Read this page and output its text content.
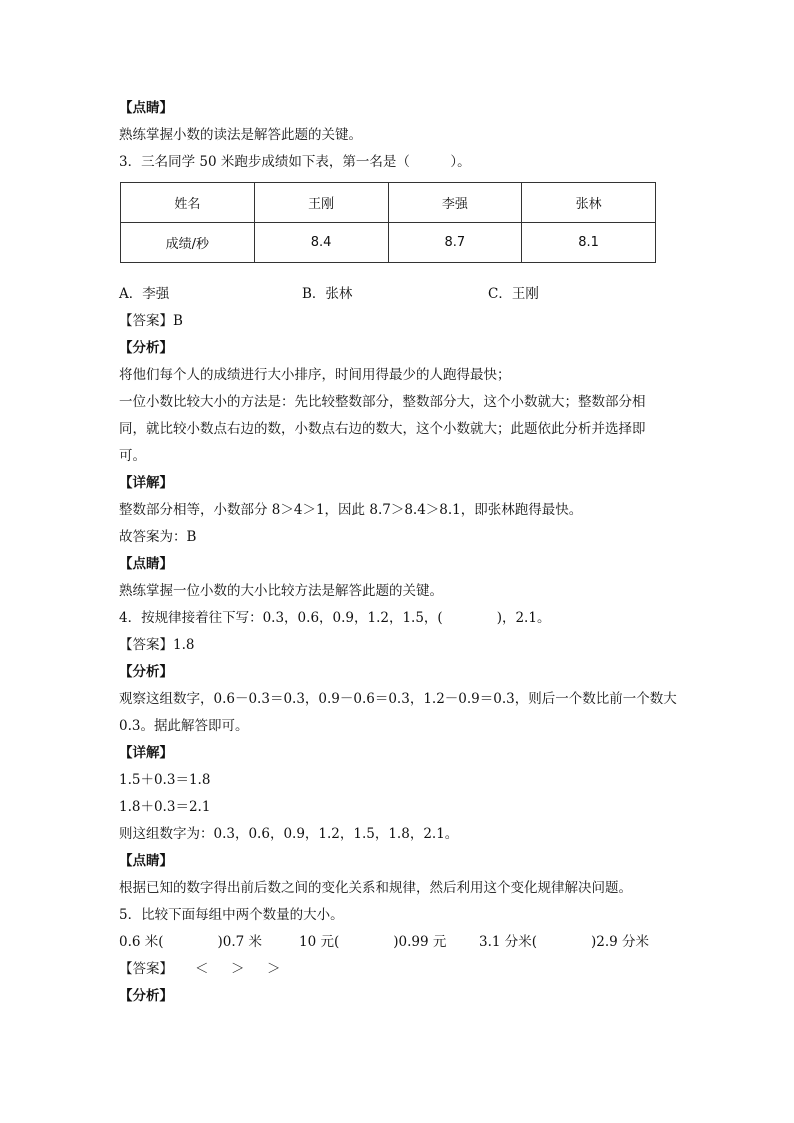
【点睛】
熟练掌握小数的读法是解答此题的关键。
3．三名同学 50 米跑步成绩如下表，第一名是（　　　）。
姓名	王刚	李强	张林
成绩/秒	8.4	8.7	8.1
A．李强	B．张林	C．王刚
【答案】B
【分析】
将他们每个人的成绩进行大小排序，时间用得最少的人跑得最快；
一位小数比较大小的方法是：先比较整数部分，整数部分大，这个小数就大；整数部分相
同，就比较小数点右边的数，小数点右边的数大，这个小数就大；此题依此分析并选择即
可。
【详解】
整数部分相等，小数部分 8＞4＞1，因此 8.7＞8.4＞8.1，即张林跑得最快。
故答案为：B
【点睛】
熟练掌握一位小数的大小比较方法是解答此题的关键。
4．按规律接着往下写：0.3，0.6，0.9，1.2，1.5，(　　　　)，2.1。
【答案】1.8
【分析】
观察这组数字，0.6－0.3＝0.3，0.9－0.6＝0.3，1.2－0.9＝0.3，则后一个数比前一个数大
0.3。据此解答即可。
【详解】
1.5＋0.3＝1.8
1.8＋0.3＝2.1
则这组数字为：0.3，0.6，0.9，1.2，1.5，1.8，2.1。
【点睛】
根据已知的数字得出前后数之间的变化关系和规律，然后利用这个变化规律解决问题。
5．比较下面每组中两个数量的大小。
0.6 米(　　　　)0.7 米	10 元(　　　　)0.99 元	3.1 分米(　　　　)2.9 分米
【答案】	＜	＞	＞
【分析】
